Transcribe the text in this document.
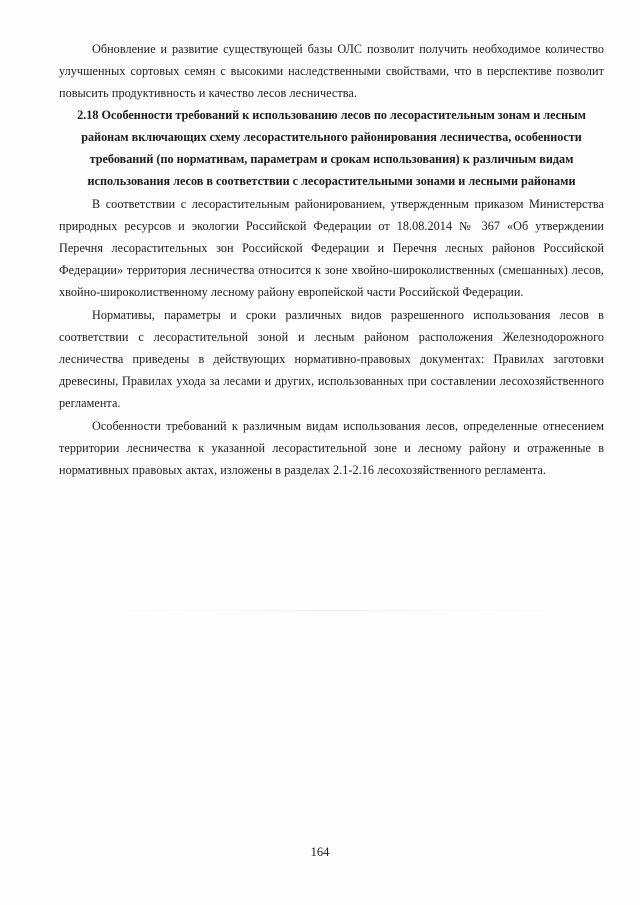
Обновление и развитие существующей базы ОЛС позволит получить необходимое количество улучшенных сортовых семян с высокими наследственными свойствами, что в перспективе позволит повысить продуктивность и качество лесов лесничества.

2.18 Особенности требований к использованию лесов по лесорастительным зонам и лесным районам включающих схему лесорастительного районирования лесничества, особенности требований (по нормативам, параметрам и срокам использования) к различным видам использования лесов в соответствии с лесорастительными зонами и лесными районами

В соответствии с лесорастительным районированием, утвержденным приказом Министерства природных ресурсов и экологии Российской Федерации от 18.08.2014 № 367 «Об утверждении Перечня лесорастительных зон Российской Федерации и Перечня лесных районов Российской Федерации» территория лесничества относится к зоне хвойно-широколиственных (смешанных) лесов, хвойно-широколиственному лесному району европейской части Российской Федерации.

Нормативы, параметры и сроки различных видов разрешенного использования лесов в соответствии с лесорастительной зоной и лесным районом расположения Железнодорожного лесничества приведены в действующих нормативно-правовых документах: Правилах заготовки древесины, Правилах ухода за лесами и других, использованных при составлении лесохозяйственного регламента.

Особенности требований к различным видам использования лесов, определенные отнесением территории лесничества к указанной лесорастительной зоне и лесному району и отраженные в нормативных правовых актах, изложены в разделах 2.1-2.16 лесохозяйственного регламента.

164
